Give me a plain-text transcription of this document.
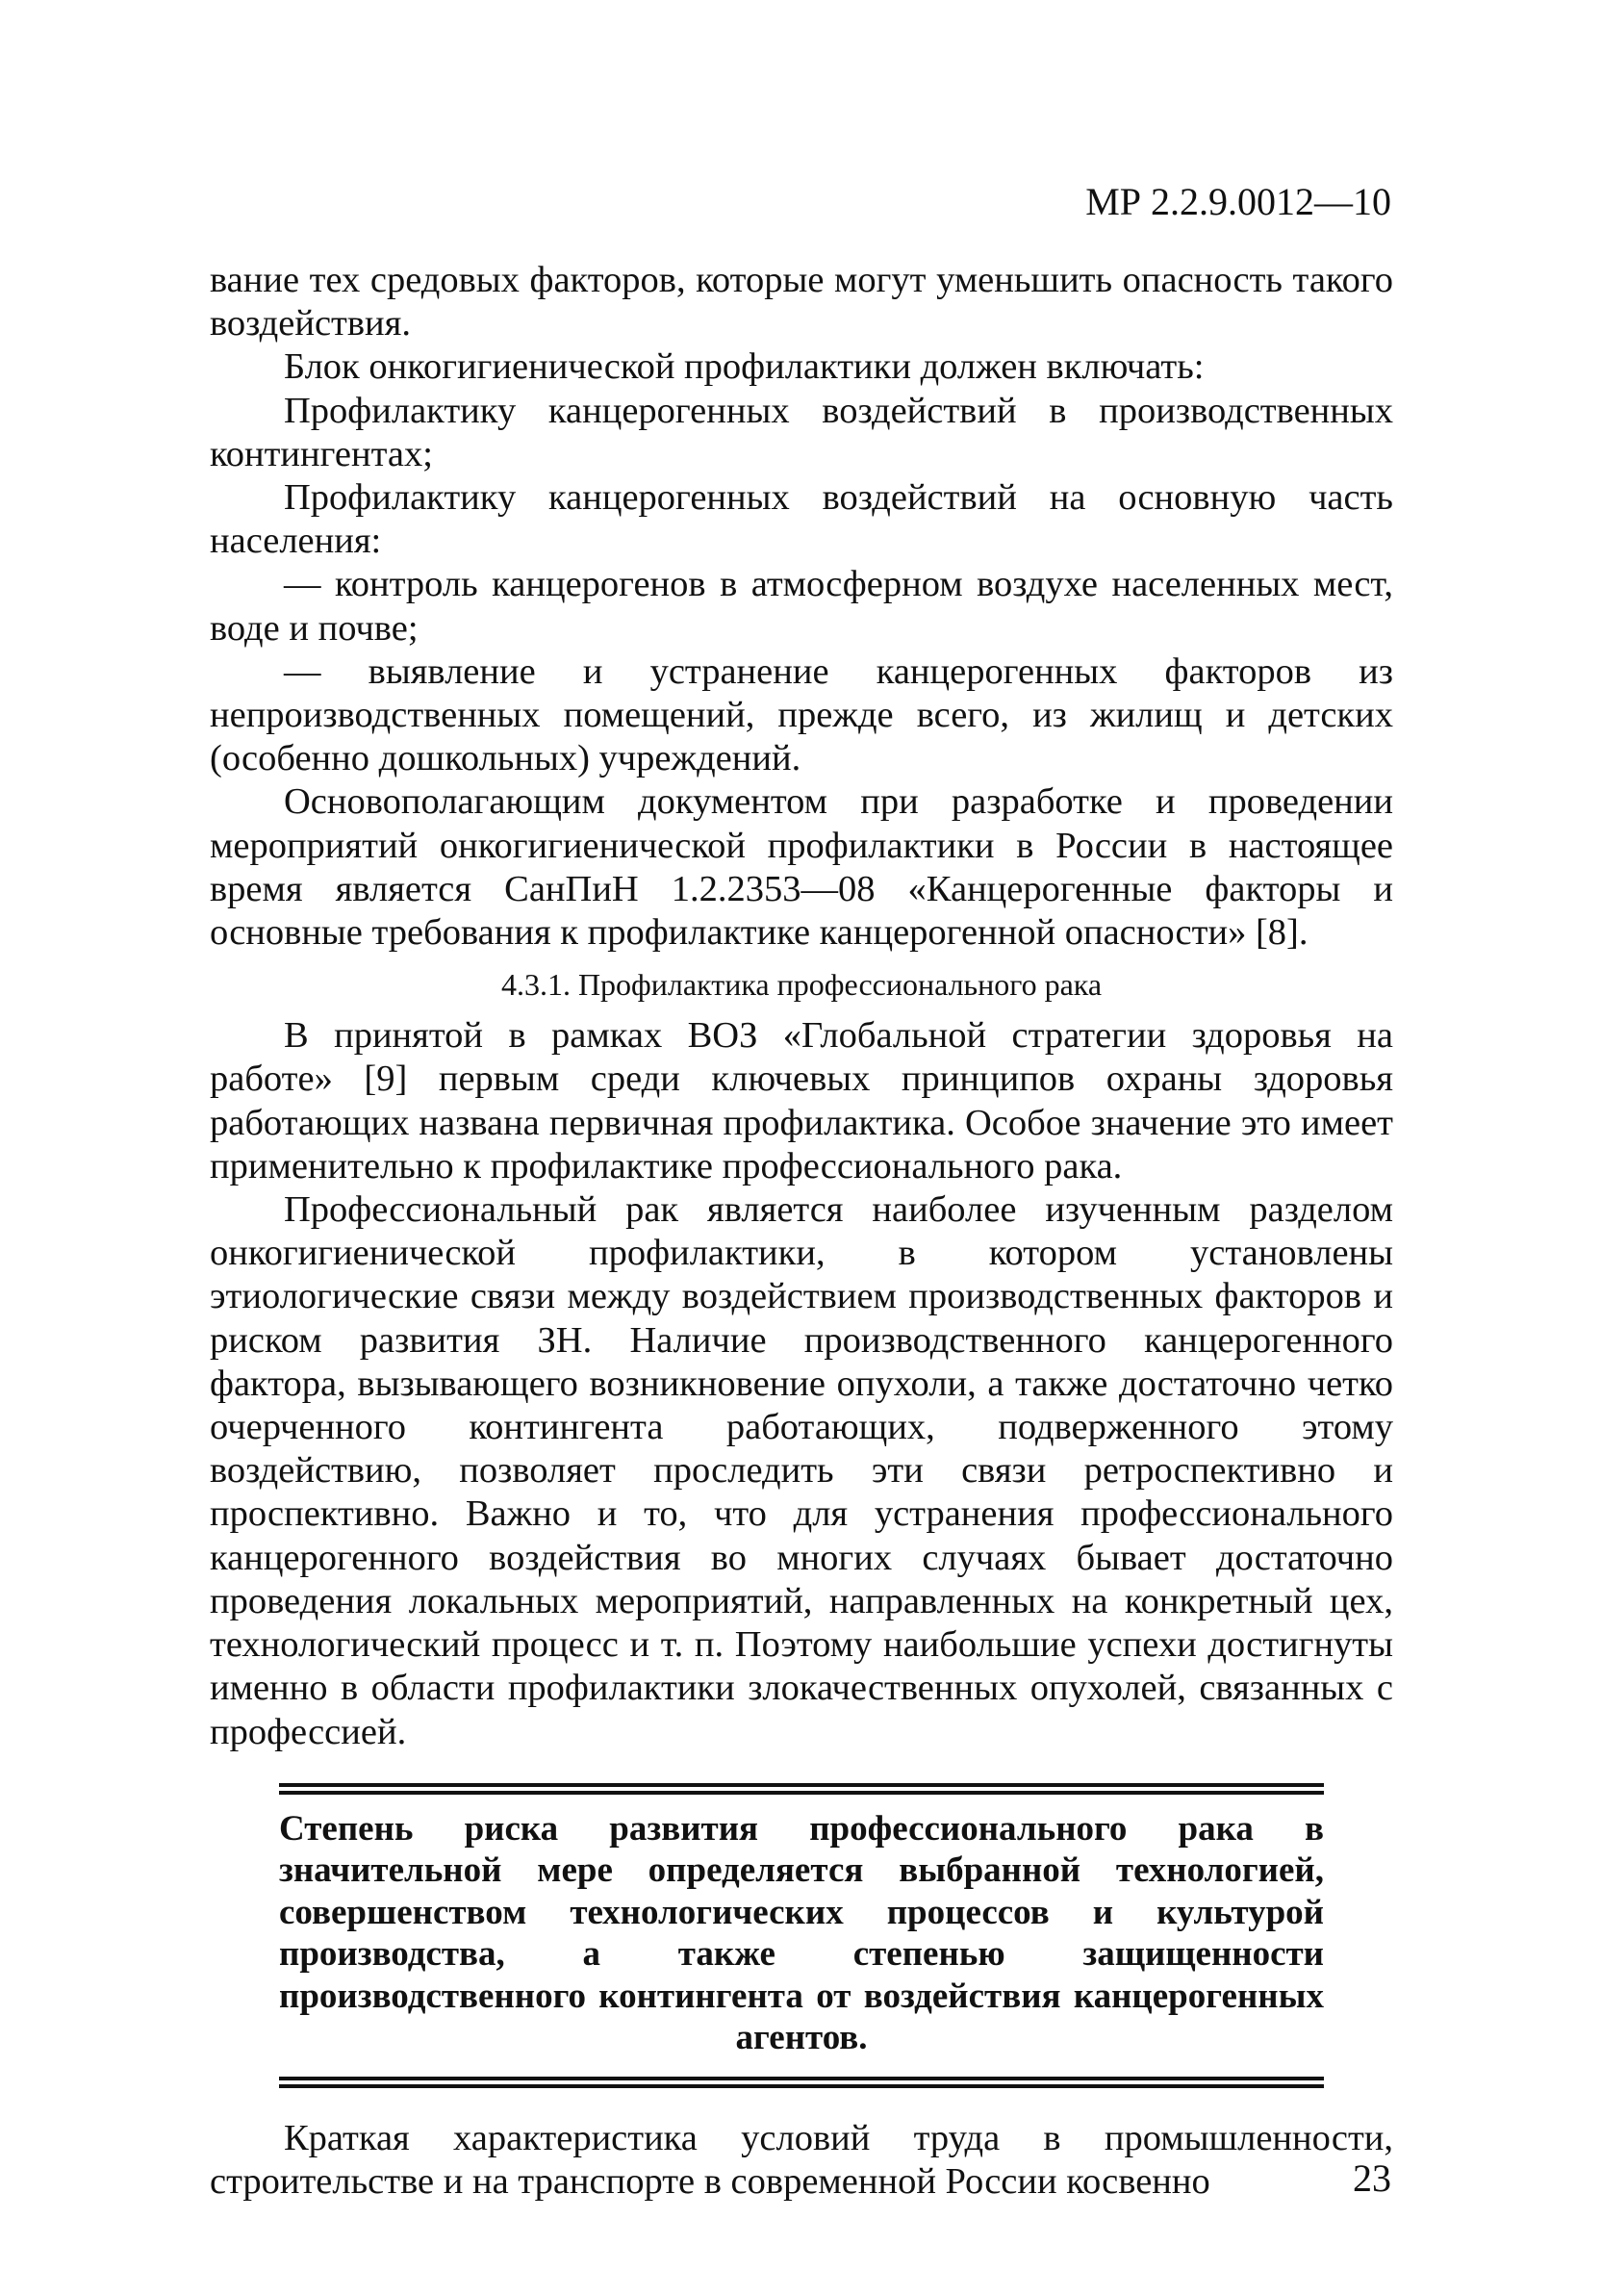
МР 2.2.9.0012—10

вание тех средовых факторов, которые могут уменьшить опасность такого воздействия.

Блок онкогигиенической профилактики должен включать:

Профилактику канцерогенных воздействий в производственных контингентах;

Профилактику канцерогенных воздействий на основную часть населения:

— контроль канцерогенов в атмосферном воздухе населенных мест, воде и почве;

— выявление и устранение канцерогенных факторов из непроизводственных помещений, прежде всего, из жилищ и детских (особенно дошкольных) учреждений.

Основополагающим документом при разработке и проведении мероприятий онкогигиенической профилактики в России в настоящее время является СанПиН 1.2.2353—08 «Канцерогенные факторы и основные требования к профилактике канцерогенной опасности» [8].

4.3.1. Профилактика профессионального рака

В принятой в рамках ВОЗ «Глобальной стратегии здоровья на работе» [9] первым среди ключевых принципов охраны здоровья работающих названа первичная профилактика. Особое значение это имеет применительно к профилактике профессионального рака.

Профессиональный рак является наиболее изученным разделом онкогигиенической профилактики, в котором установлены этиологические связи между воздействием производственных факторов и риском развития ЗН. Наличие производственного канцерогенного фактора, вызывающего возникновение опухоли, а также достаточно четко очерченного контингента работающих, подверженного этому воздействию, позволяет проследить эти связи ретроспективно и проспективно. Важно и то, что для устранения профессионального канцерогенного воздействия во многих случаях бывает достаточно проведения локальных мероприятий, направленных на конкретный цех, технологический процесс и т. п. Поэтому наибольшие успехи достигнуты именно в области профилактики злокачественных опухолей, связанных с профессией.

Степень риска развития профессионального рака в значительной мере определяется выбранной технологией, совершенством технологических процессов и культурой производства, а также степенью защищенности производственного контингента от воздействия канцерогенных агентов.

Краткая характеристика условий труда в промышленности, строительстве и на транспорте в современной России косвенно	23
